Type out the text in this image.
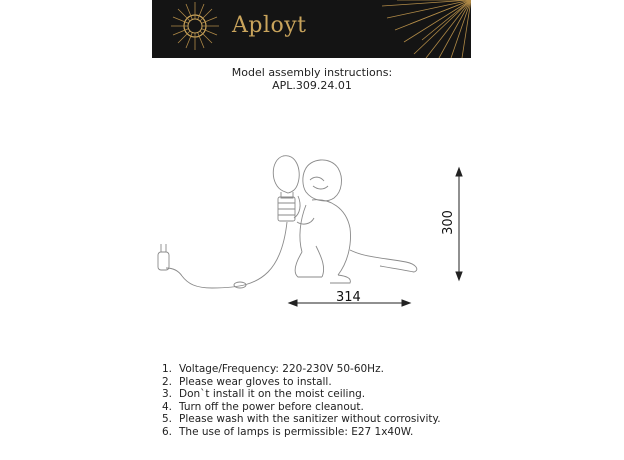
Aployt
Model assembly instructions:
APL.309.24.01
314
300
1. Voltage/Frequency: 220-230V 50-60Hz.
2. Please wear gloves to install.
3. Don`t install it on the moist ceiling.
4. Turn off the power before cleanout.
5. Please wash with the sanitizer without corrosivity.
6. The use of lamps is permissible: E27 1x40W.
